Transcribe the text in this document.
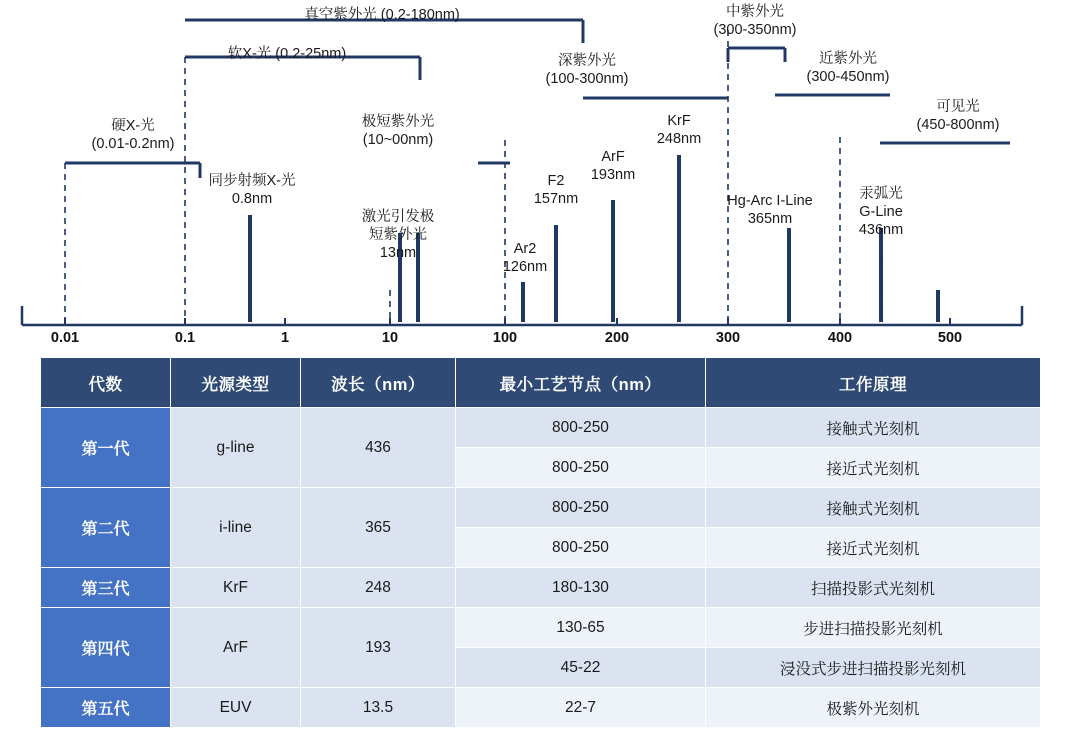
0.01	0.1	1	10	100	200	300	400	500
硬X-光
(0.01-0.2nm)
软X-光 (0.2-25nm)
真空紫外光 (0.2-180nm)
极短紫外光
(10~00nm)
深紫外光
(100-300nm)
中紫外光
(300-350nm)
近紫外光
(300-450nm)
可见光
(450-800nm)
同步射频X-光
0.8nm
激光引发极
短紫外光
13nm	Ar2
126nm
F2
157nm
ArF
193nm
KrF
248nm
Hg-Arc I-Line
365nm
汞弧光
G-Line
436nm
代数	光源类型	波长（nm）	最小工艺节点（nm）	工作原理
第一代	g-line	436	800-250	接触式光刻机
			800-250	接近式光刻机
第二代	i-line	365	800-250	接触式光刻机
			800-250	接近式光刻机
第三代	KrF	248	180-130	扫描投影式光刻机
第四代	ArF	193	130-65	步进扫描投影光刻机
			45-22	浸没式步进扫描投影光刻机
第五代	EUV	13.5	22-7	极紫外光刻机
